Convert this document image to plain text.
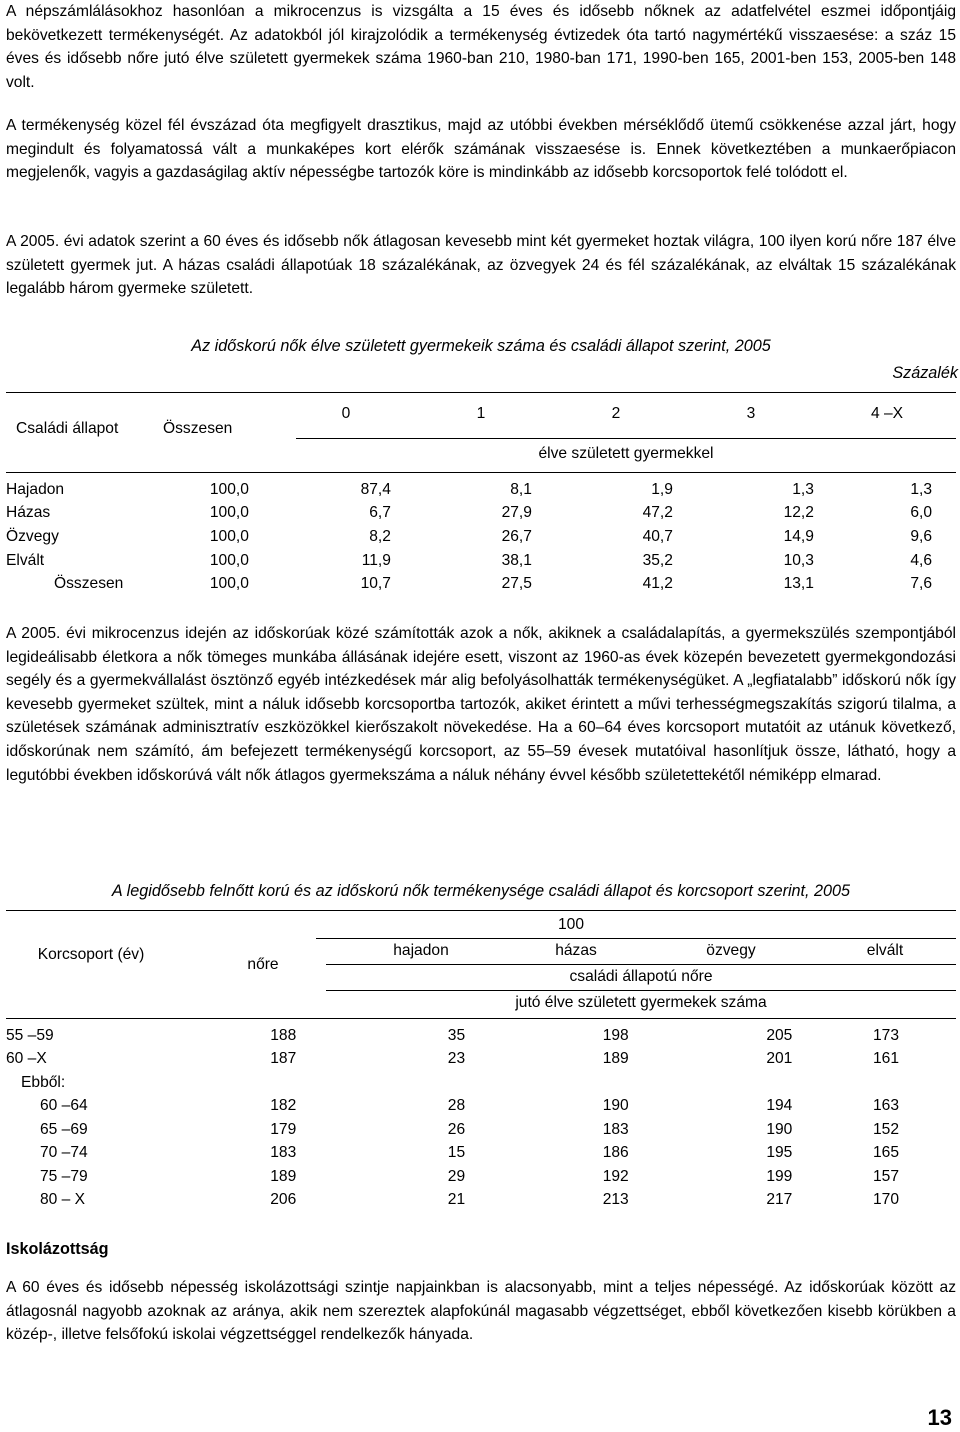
A népszámlálásokhoz hasonlóan a mikrocenzus is vizsgálta a 15 éves és idősebb nőknek az adatfelvétel eszmei időpontjáig bekövetkezett termékenységét. Az adatokból jól kirajzolódik a termékenység évtizedek óta tartó nagymértékű visszaesése: a száz 15 éves és idősebb nőre jutó élve született gyermekek száma 1960-ban 210, 1980-ban 171, 1990-ben 165, 2001-ben 153, 2005-ben 148 volt.

A termékenység közel fél évszázad óta megfigyelt drasztikus, majd az utóbbi években mérséklődő ütemű csökkenése azzal járt, hogy megindult és folyamatossá vált a munkaképes kort elérők számának visszaesése is. Ennek következtében a munkaerőpiacon megjelenők, vagyis a gazdaságilag aktív népességbe tartozók köre is mindinkább az idősebb korcsoportok felé tolódott el.

A 2005. évi adatok szerint a 60 éves és idősebb nők átlagosan kevesebb mint két gyermeket hoztak világra, 100 ilyen korú nőre 187 élve született gyermek jut. A házas családi állapotúak 18 százalékának, az özvegyek 24 és fél százalékának, az elváltak 15 százalékának legalább három gyermeke született.

Az időskorú nők élve született gyermekeik száma és családi állapot szerint, 2005
Százalék
Családi állapot	Összesen
0	1	2	3	4 –X
élve született gyermekkel
Hajadon	100,0	87,4	8,1	1,9	1,3	1,3
Házas	100,0	6,7	27,9	47,2	12,2	6,0
Özvegy	100,0	8,2	26,7	40,7	14,9	9,6
Elvált	100,0	11,9	38,1	35,2	10,3	4,6
Összesen	100,0	10,7	27,5	41,2	13,1	7,6

A 2005. évi mikrocenzus idején az időskorúak közé számították azok a nők, akiknek a családalapítás, a gyermekszülés szempontjából legideálisabb életkora a nők tömeges munkába állásának idejére esett, viszont az 1960-as évek közepén bevezetett gyermekgondozási segély és a gyermekvállalást ösztönző egyéb intézkedések már alig befolyásolhatták termékenységüket. A „legfiatalabb” időskorú nők így kevesebb gyermeket szültek, mint a náluk idősebb korcsoportba tartozók, akiket érintett a művi terhességmegszakítás szigorú tilalma, a születések számának adminisztratív eszközökkel kierőszakolt növekedése. Ha a 60–64 éves korcsoport mutatóit az utánuk következő, időskorúnak nem számító, ám befejezett termékenységű korcsoport, az 55–59 évesek mutatóival hasonlítjuk össze, látható, hogy a legutóbbi években időskorúvá vált nők átlagos gyermekszáma a náluk néhány évvel később születettekétől némiképp elmarad.

A legidősebb felnőtt korú és az időskorú nők termékenysége családi állapot és korcsoport szerint, 2005
Korcsoport (év)
100
nőre
hajadon	házas	özvegy	elvált
családi állapotú nőre
jutó élve született gyermekek száma
55 –59	188	35	198	205	173
60 –X	187	23	189	201	161
Ebből:					
60 –64	182	28	190	194	163
65 –69	179	26	183	190	152
70 –74	183	15	186	195	165
75 –79	189	29	192	199	157
80 – X	206	21	213	217	170
Iskolázottság

A 60 éves és idősebb népesség iskolázottsági szintje napjainkban is alacsonyabb, mint a teljes népességé. Az időskorúak között az átlagosnál nagyobb azoknak az aránya, akik nem szereztek alapfokúnál magasabb végzettséget, ebből következően kisebb körükben a közép-, illetve felsőfokú iskolai végzettséggel rendelkezők hányada.

13
